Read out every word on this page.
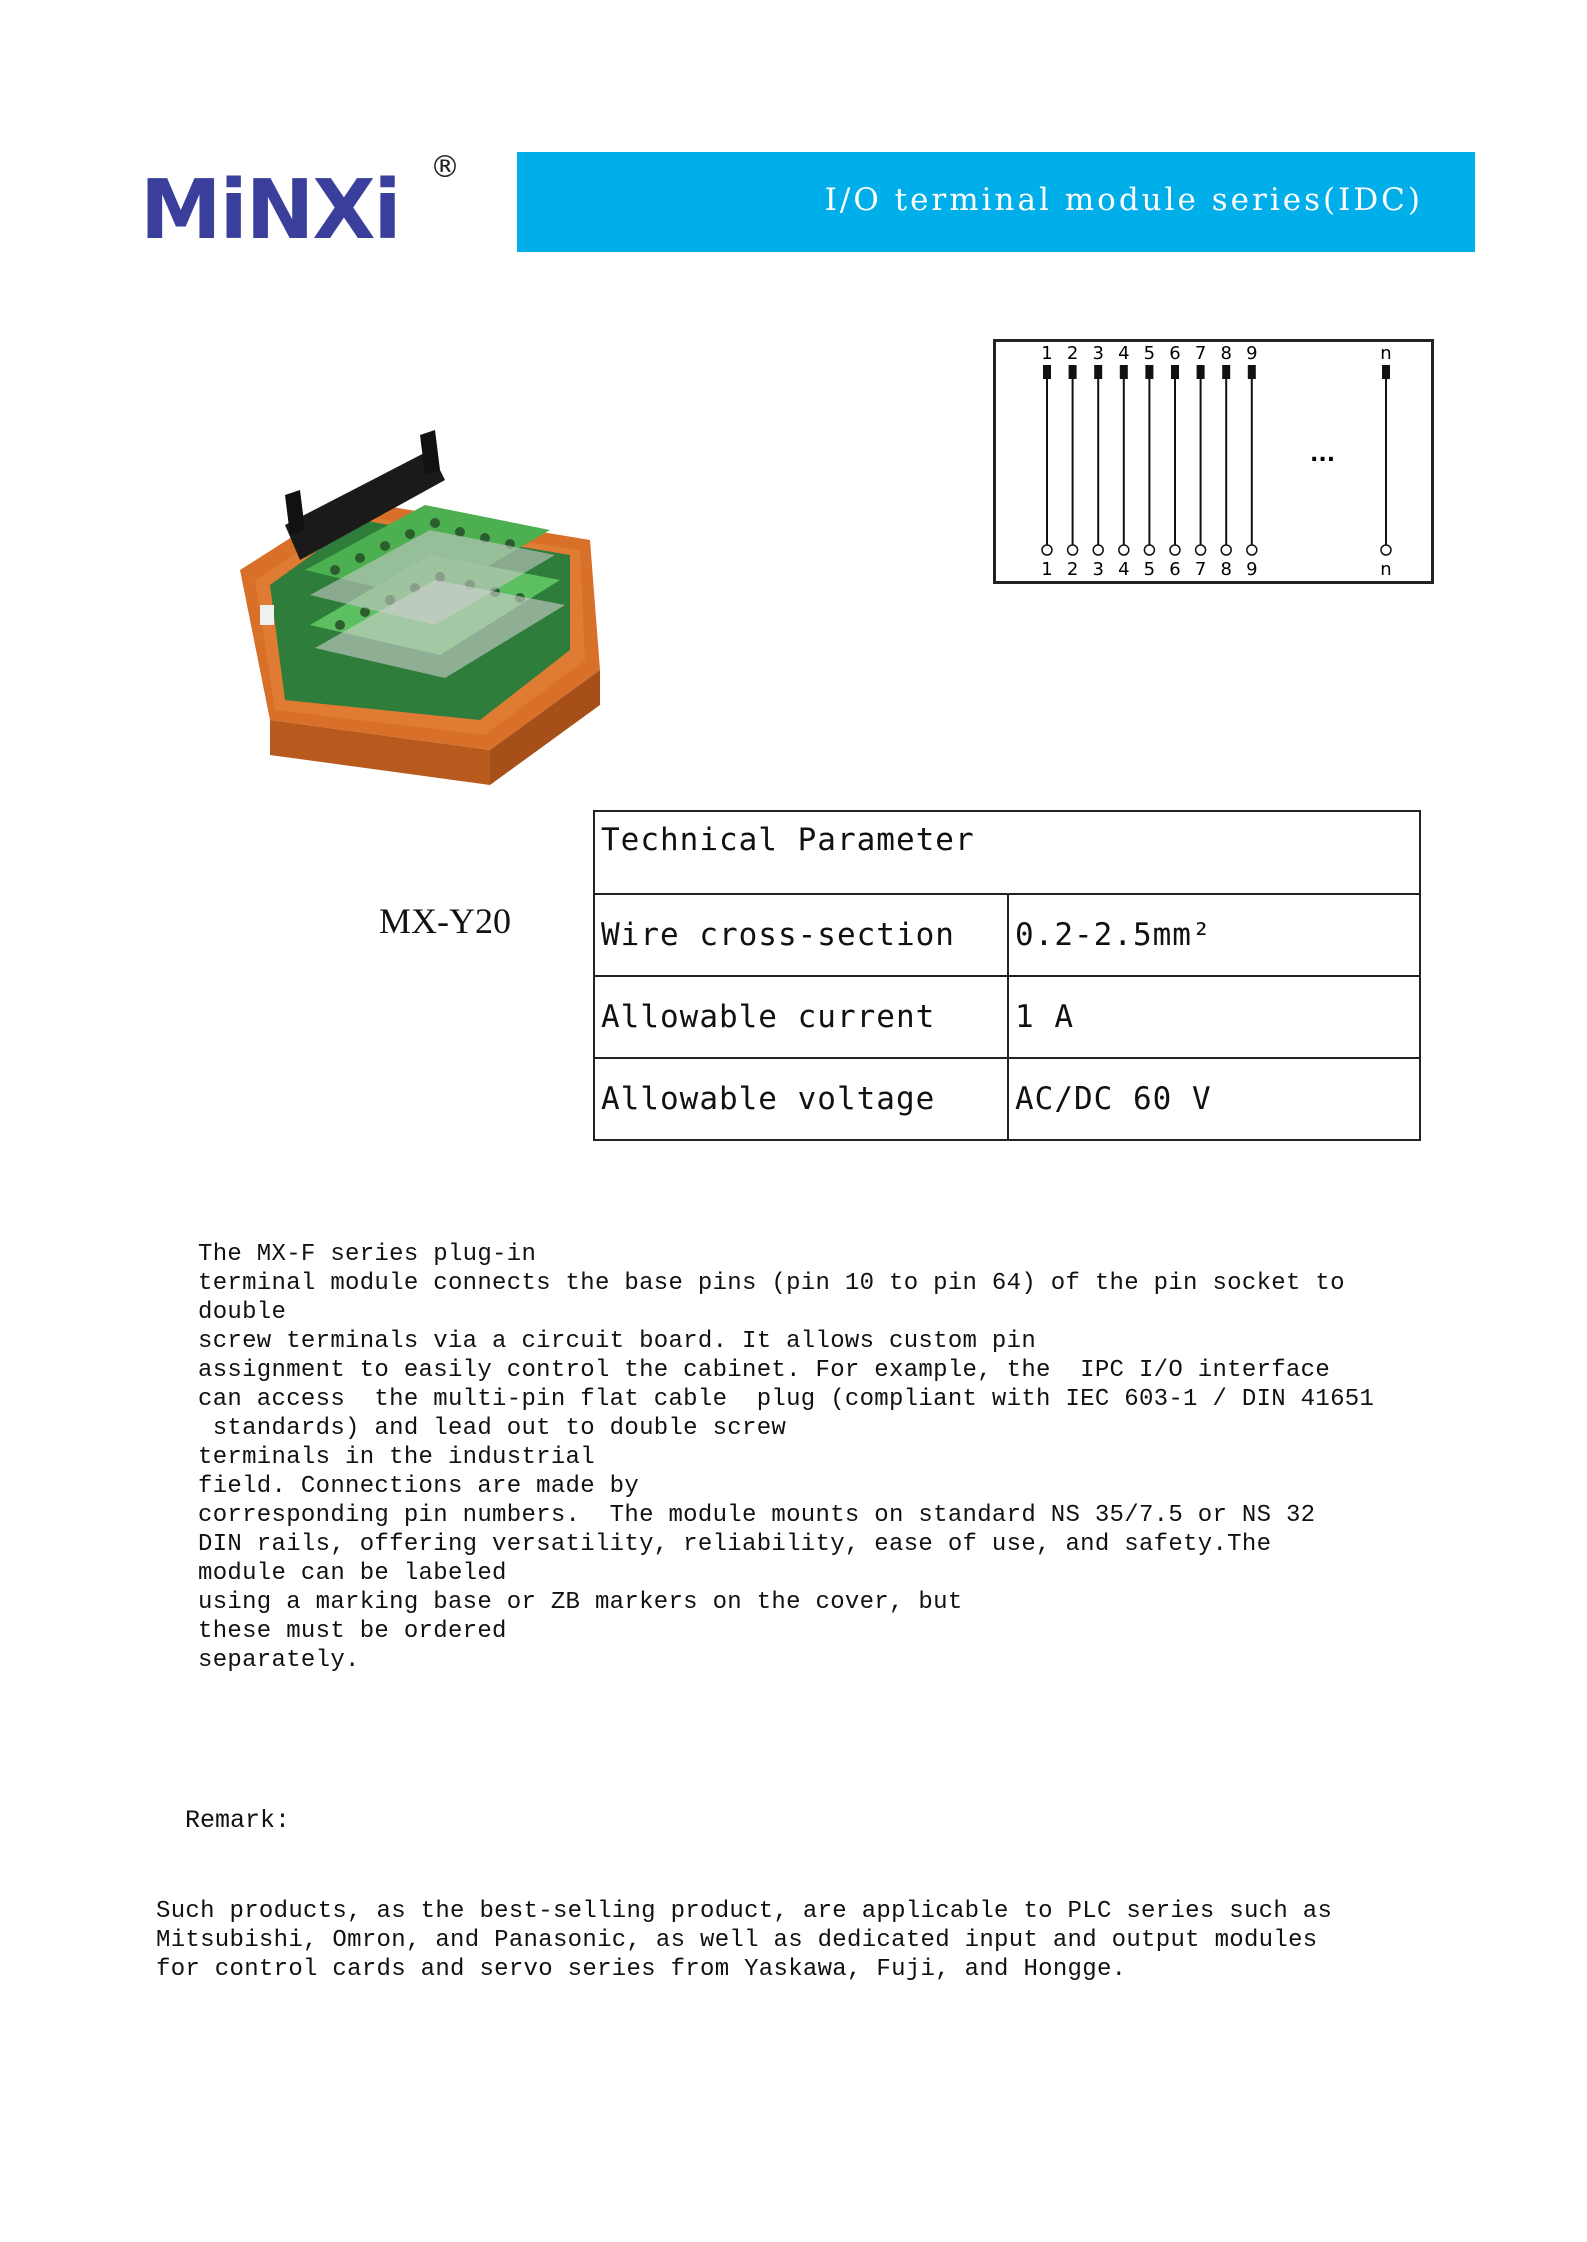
MiNXi ®
I/O terminal module series(IDC)
1
1
2
2
3
3
4
4
5
5
6
6
7
7
8
8
9
9
n
n
...
MX-Y20
Technical Parameter	
Wire cross-section	0.2-2.5mm²
Allowable current	1 A
Allowable voltage	AC/DC 60 V
The MX-F series plug-in
terminal module connects the base pins (pin 10 to pin 64) of the pin socket to
double
screw terminals via a circuit board. It allows custom pin
assignment to easily control the cabinet. For example, the  IPC I/O interface
can access  the multi-pin flat cable  plug (compliant with IEC 603-1 / DIN 41651
standards) and lead out to double screw
terminals in the industrial
field. Connections are made by
corresponding pin numbers.  The module mounts on standard NS 35/7.5 or NS 32
DIN rails, offering versatility, reliability, ease of use, and safety.The
module can be labeled
using a marking base or ZB markers on the cover, but
these must be ordered
separately.
Remark:
Such products, as the best-selling product, are applicable to PLC series such as
Mitsubishi, Omron, and Panasonic, as well as dedicated input and output modules
for control cards and servo series from Yaskawa, Fuji, and Hongge.
